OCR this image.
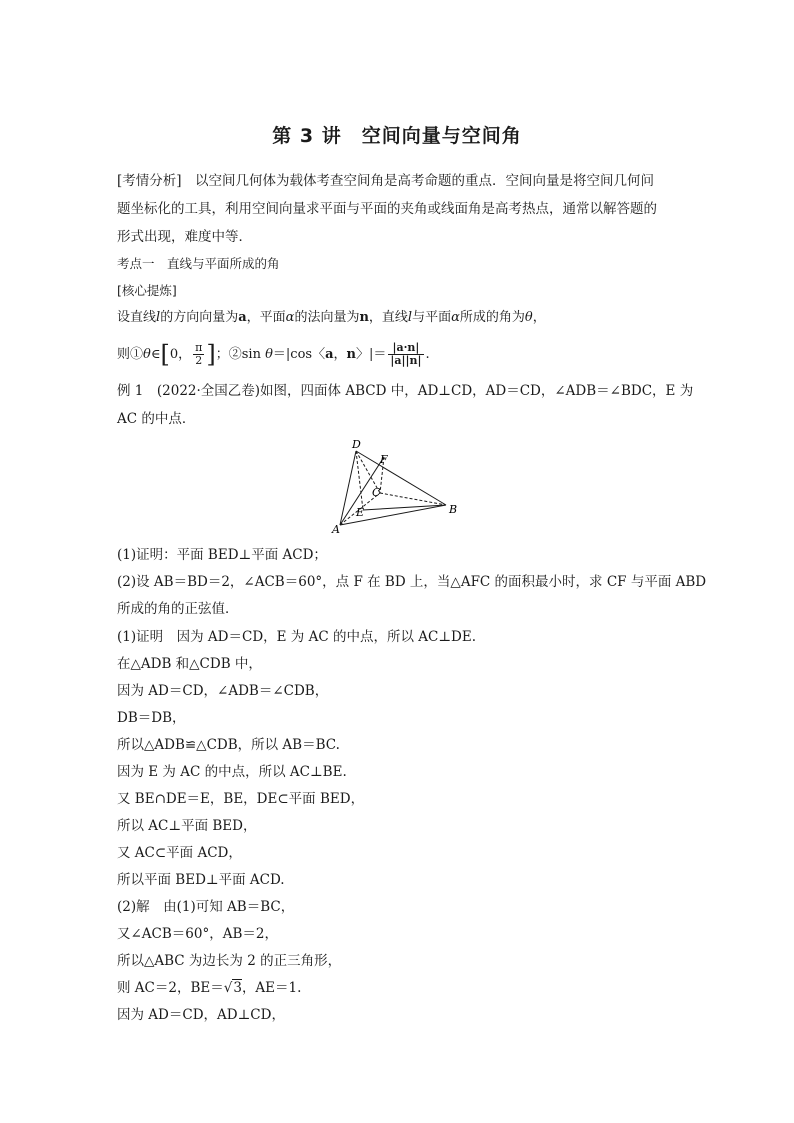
第 3 讲　空间向量与空间角
[考情分析]　以空间几何体为载体考查空间角是高考命题的重点．空间向量是将空间几何问
题坐标化的工具，利用空间向量求平面与平面的夹角或线面角是高考热点，通常以解答题的
形式出现，难度中等．
考点一　直线与平面所成的角
[核心提炼]
设直线l的方向向量为a，平面α的法向量为n，直线l与平面α所成的角为θ，
则①θ∈[0， $\frac{\pi}{2}$ ]；②sin θ＝|cos〈a，n〉|＝ $\frac{|a\cdot n|}{|a||n|}$ .
例 1　(2022·全国乙卷)如图，四面体 ABCD 中，AD⊥CD，AD＝CD，∠ADB＝∠BDC，E 为
AC 的中点．
D
F
C
E
A
B
(1)证明：平面 BED⊥平面 ACD；
(2)设 AB＝BD＝2，∠ACB＝60°，点 F 在 BD 上，当△AFC 的面积最小时，求 CF 与平面 ABD
所成的角的正弦值．
(1)证明　因为 AD＝CD，E 为 AC 的中点，所以 AC⊥DE.
在△ADB 和△CDB 中，
因为 AD＝CD，∠ADB＝∠CDB，
DB＝DB，
所以△ADB≌△CDB，所以 AB＝BC.
因为 E 为 AC 的中点，所以 AC⊥BE.
又 BE∩DE＝E，BE，DE⊂平面 BED，
所以 AC⊥平面 BED，
又 AC⊂平面 ACD，
所以平面 BED⊥平面 ACD.
(2)解　由(1)可知 AB＝BC，
又∠ACB＝60°，AB＝2，
所以△ABC 为边长为 2 的正三角形，
则 AC＝2，BE＝√3，AE＝1.
因为 AD＝CD，AD⊥CD，
